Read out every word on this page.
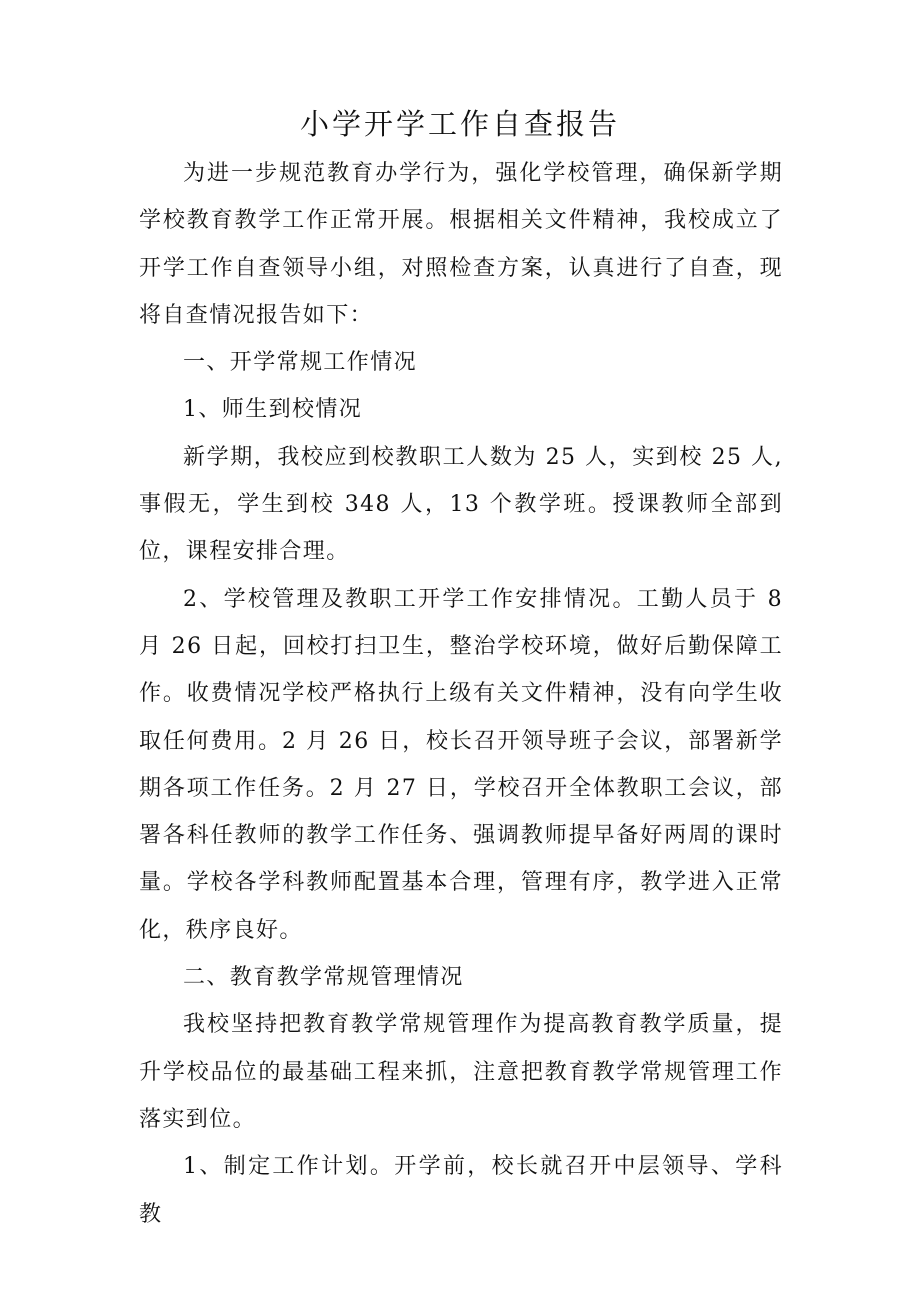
小学开学工作自查报告

为进一步规范教育办学行为，强化学校管理，确保新学期学校教育教学工作正常开展。根据相关文件精神，我校成立了开学工作自查领导小组，对照检查方案，认真进行了自查，现将自查情况报告如下：

一、开学常规工作情况

1、师生到校情况

新学期，我校应到校教职工人数为 25 人，实到校 25 人,事假无，学生到校 348 人，13 个教学班。授课教师全部到位，课程安排合理。

2、学校管理及教职工开学工作安排情况。工勤人员于 8 月 26 日起，回校打扫卫生，整治学校环境，做好后勤保障工作。收费情况学校严格执行上级有关文件精神，没有向学生收取任何费用。2 月 26 日，校长召开领导班子会议，部署新学期各项工作任务。2 月 27 日，学校召开全体教职工会议，部署各科任教师的教学工作任务、强调教师提早备好两周的课时量。学校各学科教师配置基本合理，管理有序，教学进入正常化，秩序良好。

二、教育教学常规管理情况

我校坚持把教育教学常规管理作为提高教育教学质量，提升学校品位的最基础工程来抓，注意把教育教学常规管理工作落实到位。

1、制定工作计划。开学前，校长就召开中层领导、学科教
